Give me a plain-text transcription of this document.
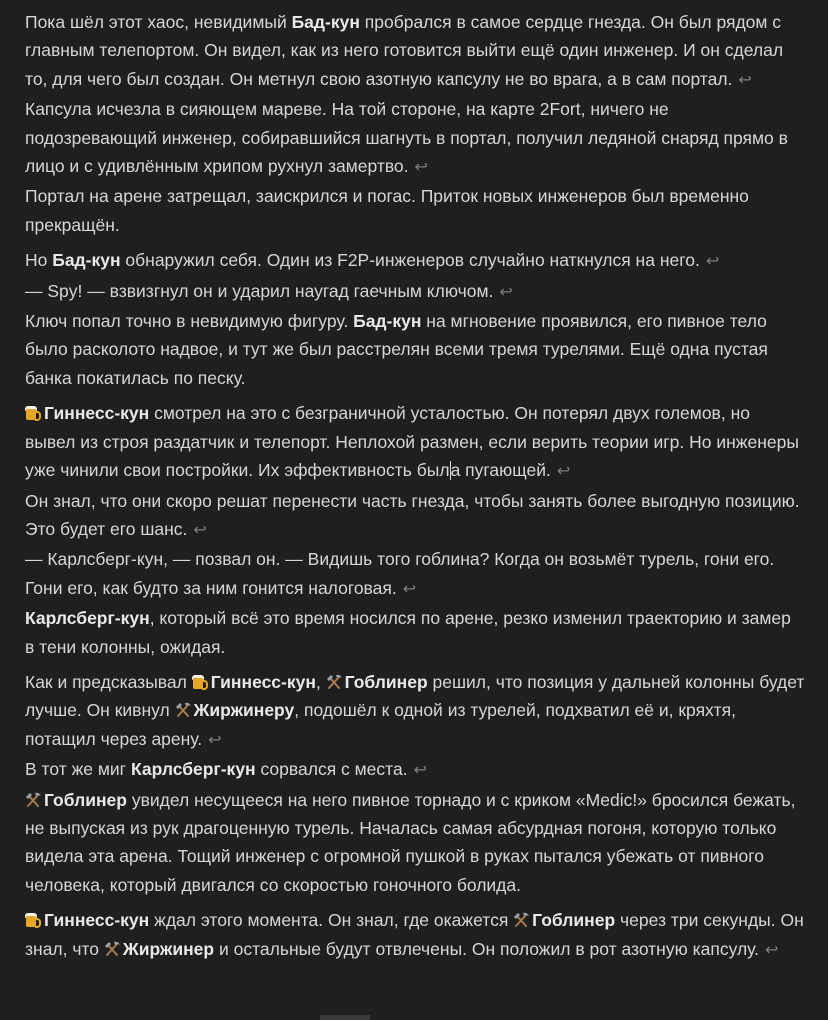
Пока шёл этот хаос, невидимый Бад-кун пробрался в самое сердце гнезда. Он был рядом с главным телепортом. Он видел, как из него готовится выйти ещё один инженер. И он сделал то, для чего был создан. Он метнул свою азотную капсулу не во врага, а в сам портал. ↩

Капсула исчезла в сияющем мареве. На той стороне, на карте 2Fort, ничего не подозревающий инженер, собиравшийся шагнуть в портал, получил ледяной снаряд прямо в лицо и с удивлённым хрипом рухнул замертво. ↩

Портал на арене затрещал, заискрился и погас. Приток новых инженеров был временно прекращён.

Но Бад-кун обнаружил себя. Один из F2P-инженеров случайно наткнулся на него. ↩

— Spy! — взвизгнул он и ударил наугад гаечным ключом. ↩

Ключ попал точно в невидимую фигуру. Бад-кун на мгновение проявился, его пивное тело было расколото надвое, и тут же был расстрелян всеми тремя турелями. Ещё одна пустая банка покатилась по песку.

Гиннесс-кун смотрел на это с безграничной усталостью. Он потерял двух големов, но вывел из строя раздатчик и телепорт. Неплохой размен, если верить теории игр. Но инженеры уже чинили свои постройки. Их эффективность была пугающей. ↩

Он знал, что они скоро решат перенести часть гнезда, чтобы занять более выгодную позицию. Это будет его шанс. ↩

— Карлсберг-кун, — позвал он. — Видишь того гоблина? Когда он возьмёт турель, гони его. Гони его, как будто за ним гонится налоговая. ↩

Карлсберг-кун, который всё это время носился по арене, резко изменил траекторию и замер в тени колонны, ожидая.

Как и предсказывал
Гиннесс-кун,
Гоблинер решил, что позиция у дальней колонны будет лучше. Он кивнул
Жиржинеру, подошёл к одной из турелей, подхватил её и, кряхтя, потащил через арену. ↩

В тот же миг Карлсберг-кун сорвался с места. ↩

Гоблинер увидел несущееся на него пивное торнадо и с криком «Medic!» бросился бежать, не выпуская из рук драгоценную турель. Началась самая абсурдная погоня, которую только видела эта арена. Тощий инженер с огромной пушкой в руках пытался убежать от пивного человека, который двигался со скоростью гоночного болида.

Гиннесс-кун ждал этого момента. Он знал, где окажется
Гоблинер через три секунды. Он знал, что
Жиржинер и остальные будут отвлечены. Он положил в рот азотную капсулу. ↩
